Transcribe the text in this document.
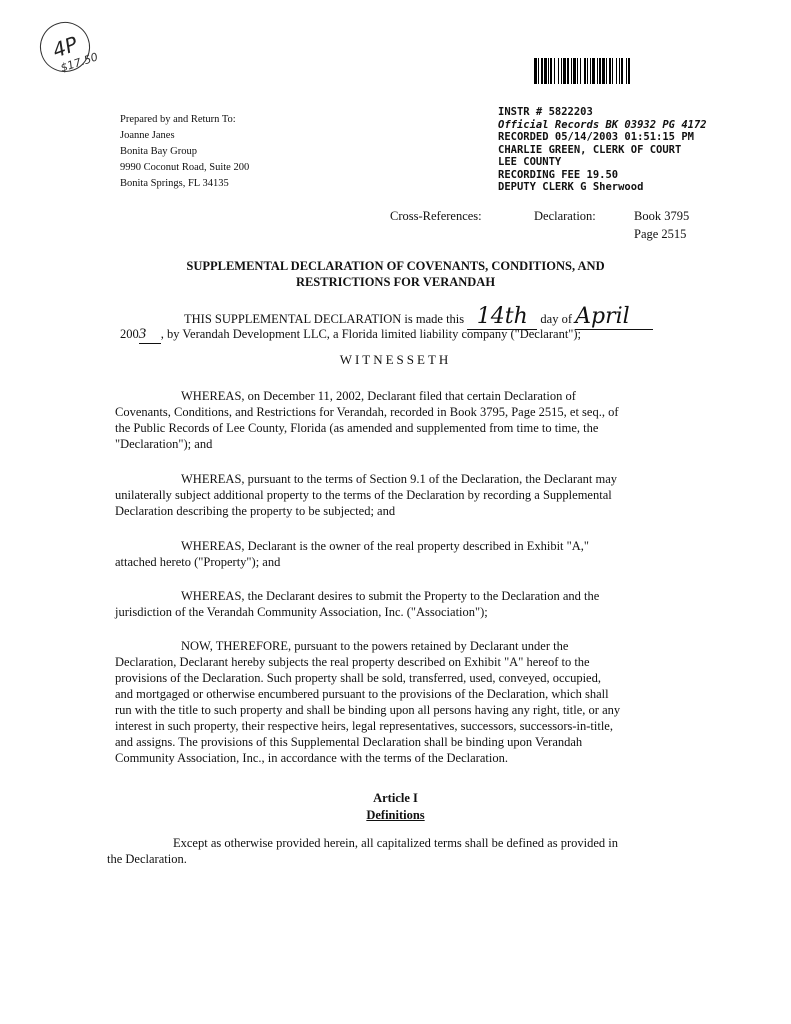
4P
$17.50
Prepared by and Return To:
Joanne Janes
Bonita Bay Group
9990 Coconut Road, Suite 200
Bonita Springs, FL 34135
INSTR # 5822203
Official Records BK 03932 PG 4172
RECORDED 05/14/2003 01:51:15 PM
CHARLIE GREEN, CLERK OF COURT
LEE COUNTY
RECORDING FEE 19.50
DEPUTY CLERK G Sherwood
Cross-References:	Declaration:	Book 3795
Page 2515
SUPPLEMENTAL DECLARATION OF COVENANTS, CONDITIONS, AND
RESTRICTIONS FOR VERANDAH
THIS SUPPLEMENTAL DECLARATION is made this 14th day of April
2003 , by Verandah Development LLC, a Florida limited liability company ("Declarant");
WITNESSETH
WHEREAS, on December 11, 2002, Declarant filed that certain Declaration of
Covenants, Conditions, and Restrictions for Verandah, recorded in Book 3795, Page 2515, et seq., of
the Public Records of Lee County, Florida (as amended and supplemented from time to time, the
"Declaration"); and
WHEREAS, pursuant to the terms of Section 9.1 of the Declaration, the Declarant may
unilaterally subject additional property to the terms of the Declaration by recording a Supplemental
Declaration describing the property to be subjected; and
WHEREAS, Declarant is the owner of the real property described in Exhibit "A,"
attached hereto ("Property"); and
WHEREAS, the Declarant desires to submit the Property to the Declaration and the
jurisdiction of the Verandah Community Association, Inc. ("Association");
NOW, THEREFORE, pursuant to the powers retained by Declarant under the
Declaration, Declarant hereby subjects the real property described on Exhibit "A" hereof to the
provisions of the Declaration. Such property shall be sold, transferred, used, conveyed, occupied,
and mortgaged or otherwise encumbered pursuant to the provisions of the Declaration, which shall
run with the title to such property and shall be binding upon all persons having any right, title, or any
interest in such property, their respective heirs, legal representatives, successors, successors-in-title,
and assigns. The provisions of this Supplemental Declaration shall be binding upon Verandah
Community Association, Inc., in accordance with the terms of the Declaration.
Article I
Definitions
Except as otherwise provided herein, all capitalized terms shall be defined as provided in
the Declaration.
